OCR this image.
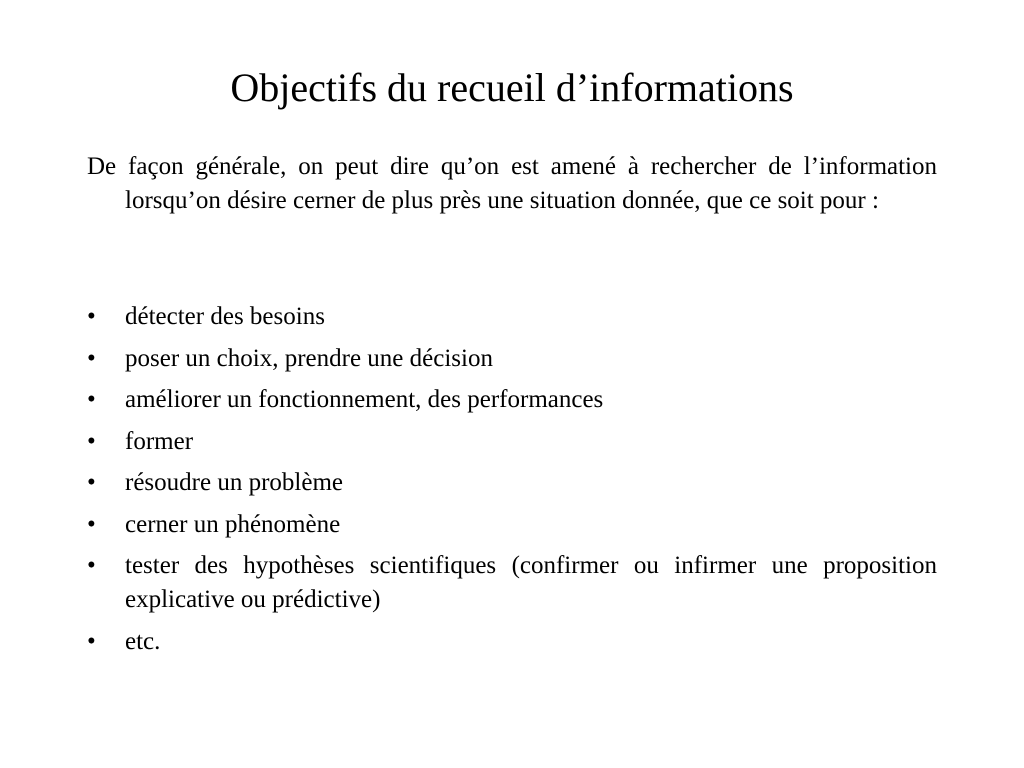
Objectifs du recueil d’informations

De façon générale, on peut dire qu’on est amené à rechercher de l’information lorsqu’on désire cerner de plus près une situation donnée, que ce soit pour :

•	détecter des besoins
•	poser un choix, prendre une décision
•	améliorer un fonctionnement, des performances
•	former
•	résoudre un problème
•	cerner un phénomène
•	tester des hypothèses scientifiques (confirmer ou infirmer une proposition explicative ou prédictive)
•	etc.
